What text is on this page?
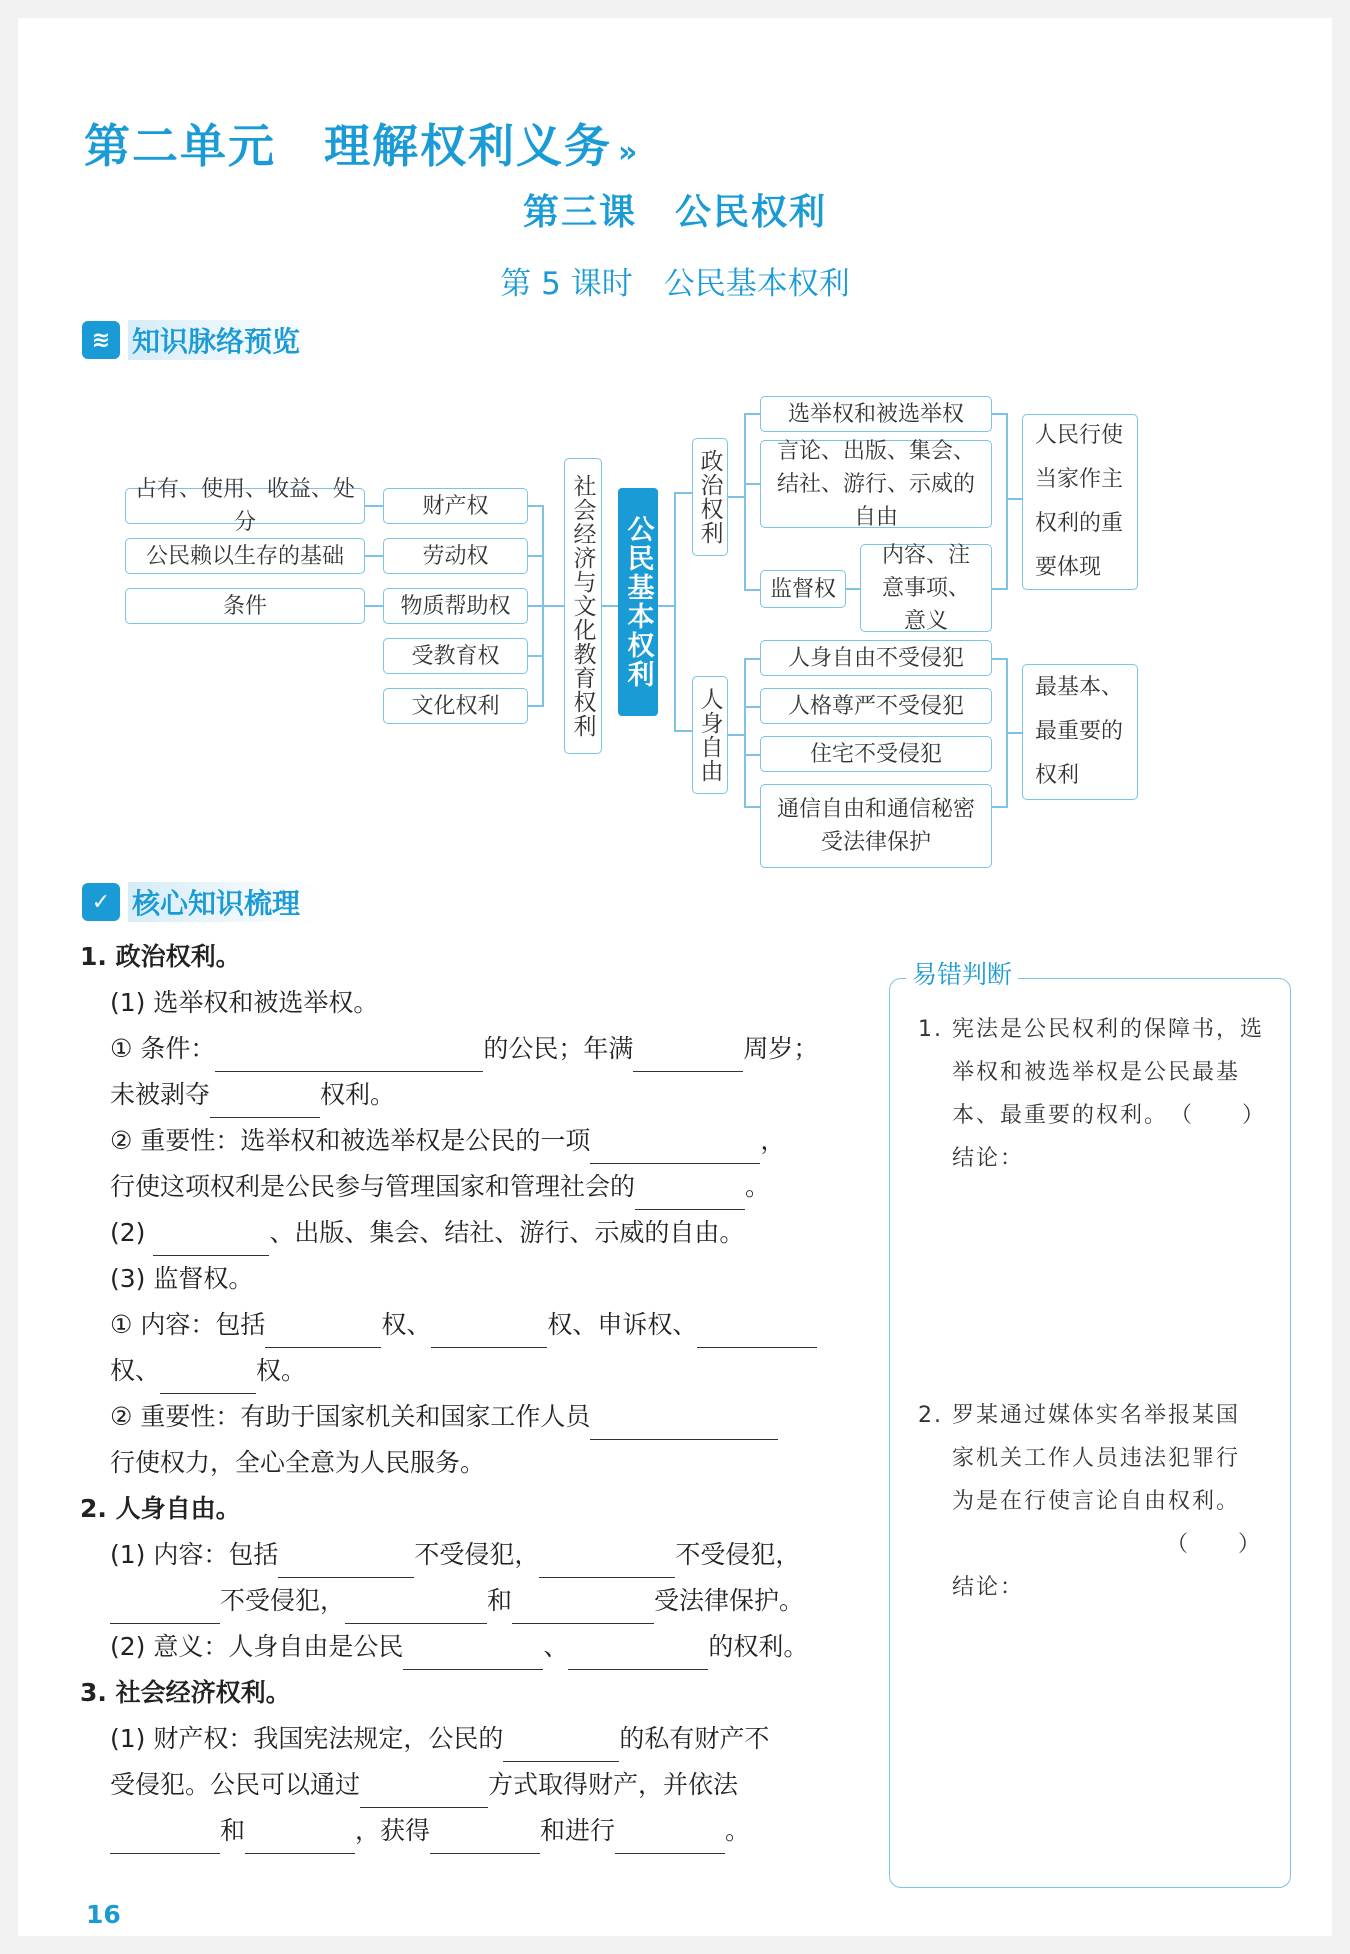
第二单元　理解权利义务 »
第三课　公民权利
第 5 课时　公民基本权利
≋ 知识脉络预览
占有、使用、收益、处分
公民赖以生存的基础
条件
财产权
劳动权
物质帮助权
受教育权
文化权利	社会经济与文化教育权利 公民基本权利
政治权利
人身自由
选举权和被选举权
言论、出版、集会、结社、游行、示威的自由
监督权
内容、注意事项、意义
人民行使当家作主权利的重要体现
人身自由不受侵犯
人格尊严不受侵犯
住宅不受侵犯
通信自由和通信秘密受法律保护
最基本、最重要的权利
✓ 核心知识梳理
1. 政治权利。
(1) 选举权和被选举权。
① 条件：	的公民；年满	周岁；
未被剥夺	权利。
② 重要性：选举权和被选举权是公民的一项	，
行使这项权利是公民参与管理国家和管理社会的	。
(2)	、出版、集会、结社、游行、示威的自由。
(3) 监督权。
① 内容：包括	权、	权、申诉权、
权、	权。
② 重要性：有助于国家机关和国家工作人员
行使权力，全心全意为人民服务。
2. 人身自由。
(1) 内容：包括	不受侵犯，	不受侵犯，
不受侵犯，	和	受法律保护。
(2) 意义：人身自由是公民	、	的权利。
3. 社会经济权利。
(1) 财产权：我国宪法规定，公民的	的私有财产不
受侵犯。公民可以通过	方式取得财产，并依法
和	，获得	和进行	。
易错判断
1. 宪法是公民权利的保障书，选
举权和被选举权是公民最基
本、最重要的权利。　（　　）
结论：
2. 罗某通过媒体实名举报某国
家机关工作人员违法犯罪行
为是在行使言论自由权利。
（　　）
结论：
16
